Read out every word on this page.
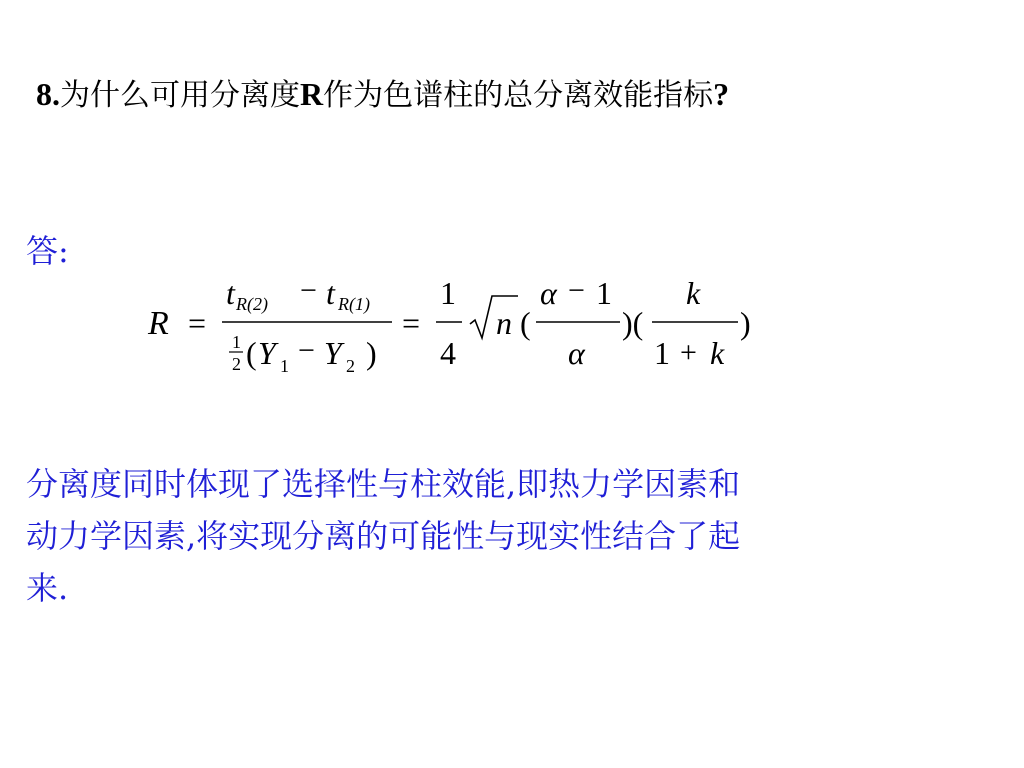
8.为什么可用分离度R作为色谱柱的总分离效能指标?
答:
R =
t R(2) − t R(1)
1
2 ( Y 1 − Y 2 )
=
1
4
n (
α − 1
α
)(
k
1 + k
)
分离度同时体现了选择性与柱效能,即热力学因素和
动力学因素,将实现分离的可能性与现实性结合了起
来.
